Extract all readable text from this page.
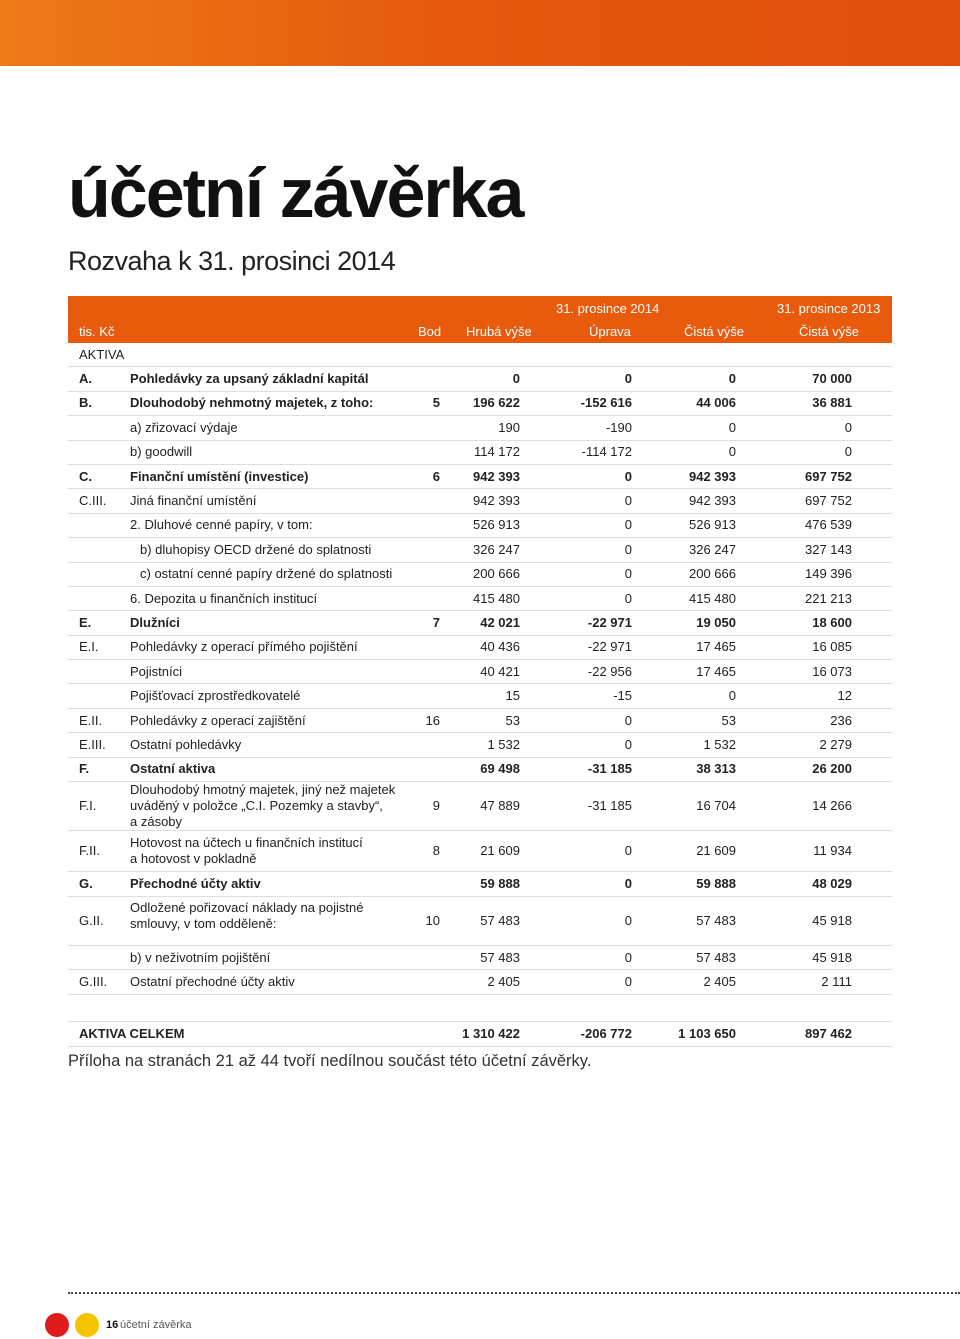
účetní závěrka
Rozvaha k 31. prosinci 2014
31. prosince 2014	31. prosince 2013
tis. Kč	Bod Hrubá výše	Úprava	Čistá výše	Čistá výše
AKTIVA
A.	Pohledávky za upsaný základní kapitál	0	0	0	70 000
B.	Dlouhodobý nehmotný majetek, z toho:	5	196 622	-152 616	44 006	36 881
a) zřizovací výdaje	190	-190	0	0
b) goodwill	114 172	-114 172	0	0
C.	Finanční umístění (investice)	6	942 393	0	942 393	697 752
C.III. Jiná finanční umístění	942 393	0	942 393	697 752
2. Dluhové cenné papíry, v tom:	526 913	0	526 913	476 539
b) dluhopisy OECD držené do splatnosti	326 247	0	326 247	327 143
c) ostatní cenné papíry držené do splatnosti	200 666	0	200 666	149 396
6. Depozita u finančních institucí	415 480	0	415 480	221 213
E.	Dlužníci	7	42 021	-22 971	19 050	18 600
E.I. Pohledávky z operací přímého pojištění	40 436	-22 971	17 465	16 085
Pojistníci	40 421	-22 956	17 465	16 073
Pojišťovací zprostředkovatelé	15	-15	0	12
E.II. Pohledávky z operací zajištění	16	53	0	53	236
E.III. Ostatní pohledávky	1 532	0	1 532	2 279
F.	Ostatní aktiva	69 498	-31 185	38 313	26 200
F.I.
Dlouhodobý hmotný majetek, jiný než majetek
uváděný v položce „C.I. Pozemky a stavby“,
a zásoby
9	47 889	-31 185	16 704	14 266
F.II.
Hotovost na účtech u finančních institucí
a hotovost v pokladně
8	21 609	0	21 609	11 934
G.	Přechodné účty aktiv	59 888	0	59 888	48 029
G.II.
Odložené pořizovací náklady na pojistné
smlouvy, v tom odděleně:	10	57 483	0	57 483	45 918
b) v neživotním pojištění	57 483	0	57 483	45 918
G.III. Ostatní přechodné účty aktiv	2 405	0	2 405	2 111
AKTIVA CELKEM	1 310 422	-206 772	1 103 650	897 462

Příloha na stranách 21 až 44 tvoří nedílnou součást této účetní závěrky.

16 účetní závěrka
